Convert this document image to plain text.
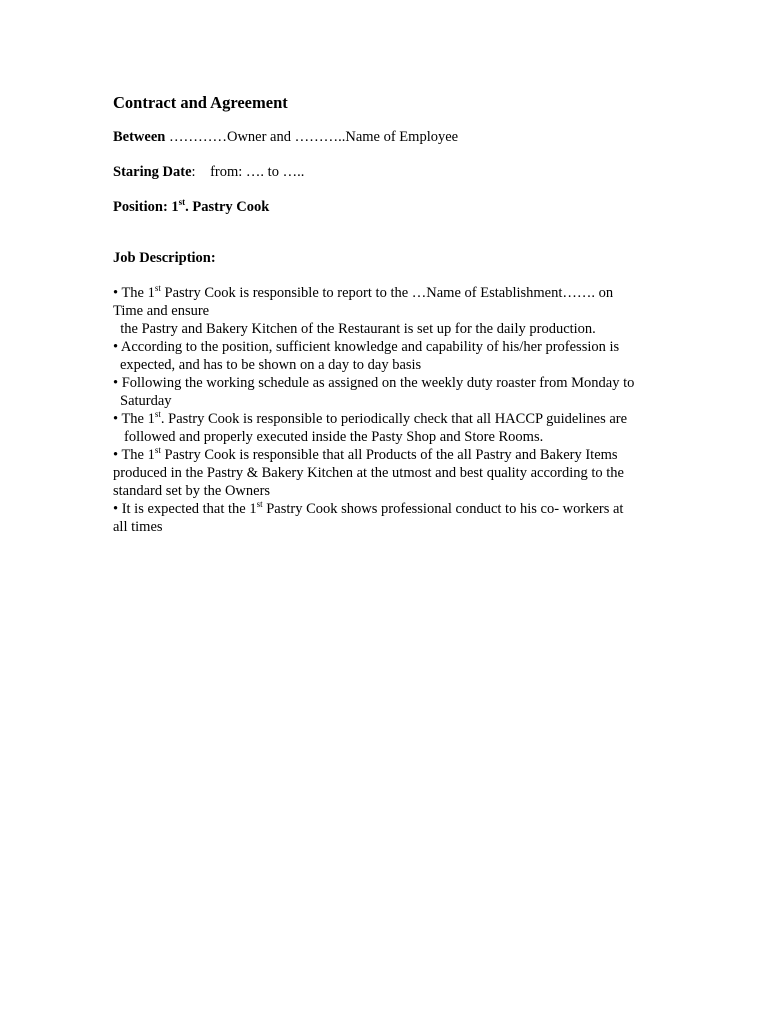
Contract and Agreement
Between …………Owner and ………..Name of Employee
Staring Date:    from: …. to …..
Position: 1st. Pastry Cook
Job Description:
• The 1st Pastry Cook is responsible to report to the …Name of Establishment……. on
Time and ensure
the Pastry and Bakery Kitchen of the Restaurant is set up for the daily production.
• According to the position, sufficient knowledge and capability of his/her profession is
expected, and has to be shown on a day to day basis
• Following the working schedule as assigned on the weekly duty roaster from Monday to
Saturday
• The 1st. Pastry Cook is responsible to periodically check that all HACCP guidelines are
followed and properly executed inside the Pasty Shop and Store Rooms.
• The 1st Pastry Cook is responsible that all Products of the all Pastry and Bakery Items
produced in the Pastry & Bakery Kitchen at the utmost and best quality according to the
standard set by the Owners
• It is expected that the 1st Pastry Cook shows professional conduct to his co- workers at
all times
